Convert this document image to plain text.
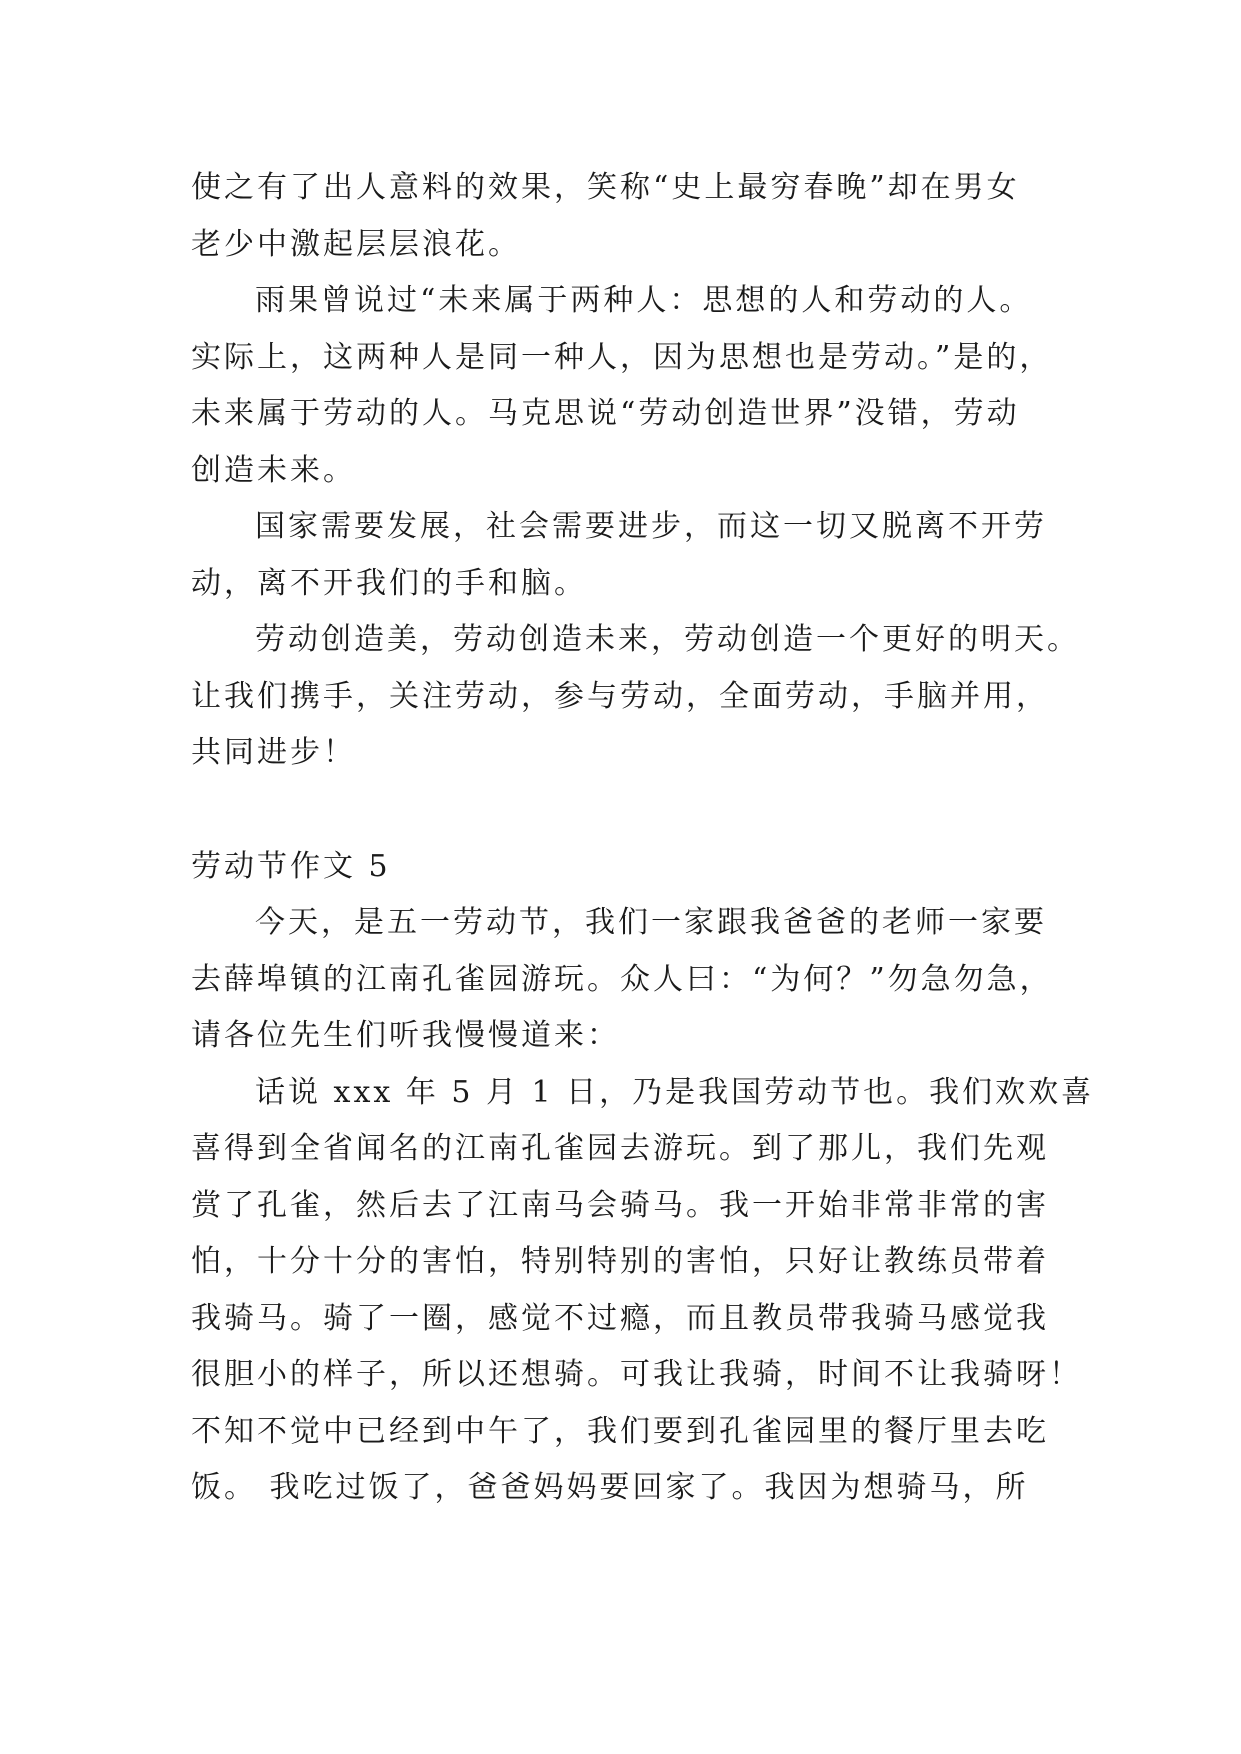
使之有了出人意料的效果，笑称“史上最穷春晚”却在男女
老少中激起层层浪花。
雨果曾说过“未来属于两种人：思想的人和劳动的人。
实际上，这两种人是同一种人，因为思想也是劳动。”是的，
未来属于劳动的人。马克思说“劳动创造世界”没错，劳动
创造未来。
国家需要发展，社会需要进步，而这一切又脱离不开劳
动，离不开我们的手和脑。
劳动创造美，劳动创造未来，劳动创造一个更好的明天。
让我们携手，关注劳动，参与劳动，全面劳动，手脑并用，
共同进步！
劳动节作文 5
今天，是五一劳动节，我们一家跟我爸爸的老师一家要
去薛埠镇的江南孔雀园游玩。众人曰：“为何？”勿急勿急，
请各位先生们听我慢慢道来：
话说 xxx 年 5 月 1 日，乃是我国劳动节也。我们欢欢喜
喜得到全省闻名的江南孔雀园去游玩。到了那儿，我们先观
赏了孔雀，然后去了江南马会骑马。我一开始非常非常的害
怕，十分十分的害怕，特别特别的害怕，只好让教练员带着
我骑马。骑了一圈，感觉不过瘾，而且教员带我骑马感觉我
很胆小的样子，所以还想骑。可我让我骑，时间不让我骑呀！
不知不觉中已经到中午了，我们要到孔雀园里的餐厅里去吃
饭。 我吃过饭了，爸爸妈妈要回家了。我因为想骑马，所
